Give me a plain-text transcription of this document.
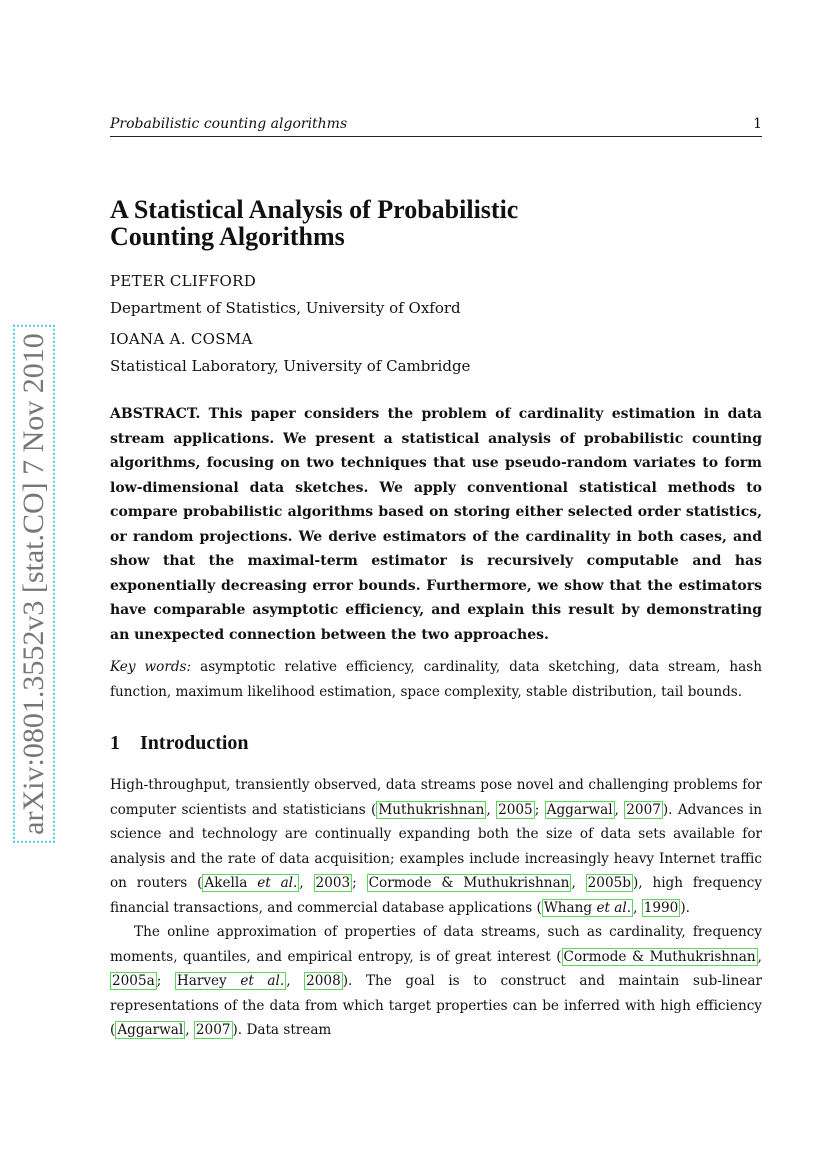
Probabilistic counting algorithms	1
arXiv:0801.3552v3 [stat.CO] 7 Nov 2010
A Statistical Analysis of Probabilistic
Counting Algorithms
PETER CLIFFORD
Department of Statistics, University of Oxford
IOANA A. COSMA
Statistical Laboratory, University of Cambridge

ABSTRACT. This paper considers the problem of cardinality estimation in data stream applications. We present a statistical analysis of probabilistic counting algorithms, focusing on two techniques that use pseudo-random variates to form low-dimensional data sketches. We apply conventional statistical methods to compare probabilistic algorithms based on storing either selected order statistics, or random projections. We derive estimators of the cardinality in both cases, and show that the maximal-term estimator is recursively computable and has exponentially decreasing error bounds. Furthermore, we show that the estimators have comparable asymptotic efficiency, and explain this result by demonstrating an unexpected connection between the two approaches.

Key words: asymptotic relative efficiency, cardinality, data sketching, data stream, hash function, maximum likelihood estimation, space complexity, stable distribution, tail bounds.

1 Introduction

High-throughput, transiently observed, data streams pose novel and challenging problems for computer scientists and statisticians ( Muthukrishnan , 2005 ; Aggarwal , 2007 ). Advances in science and technology are continually expanding both the size of data sets available for analysis and the rate of data acquisition; examples include increasingly heavy Internet traffic on routers ( Akella et al. , 2003 ; Cormode & Muthukrishnan , 2005b ), high frequency financial transactions, and commercial database applications ( Whang et al. , 1990 ).

The online approximation of properties of data streams, such as cardinality, frequency moments, quantiles, and empirical entropy, is of great interest ( Cormode & Muthukrishnan , 2005a ; Harvey et al. , 2008 ). The goal is to construct and maintain sub-linear representations of the data from which target properties can be inferred with high efficiency ( Aggarwal , 2007 ). Data stream
